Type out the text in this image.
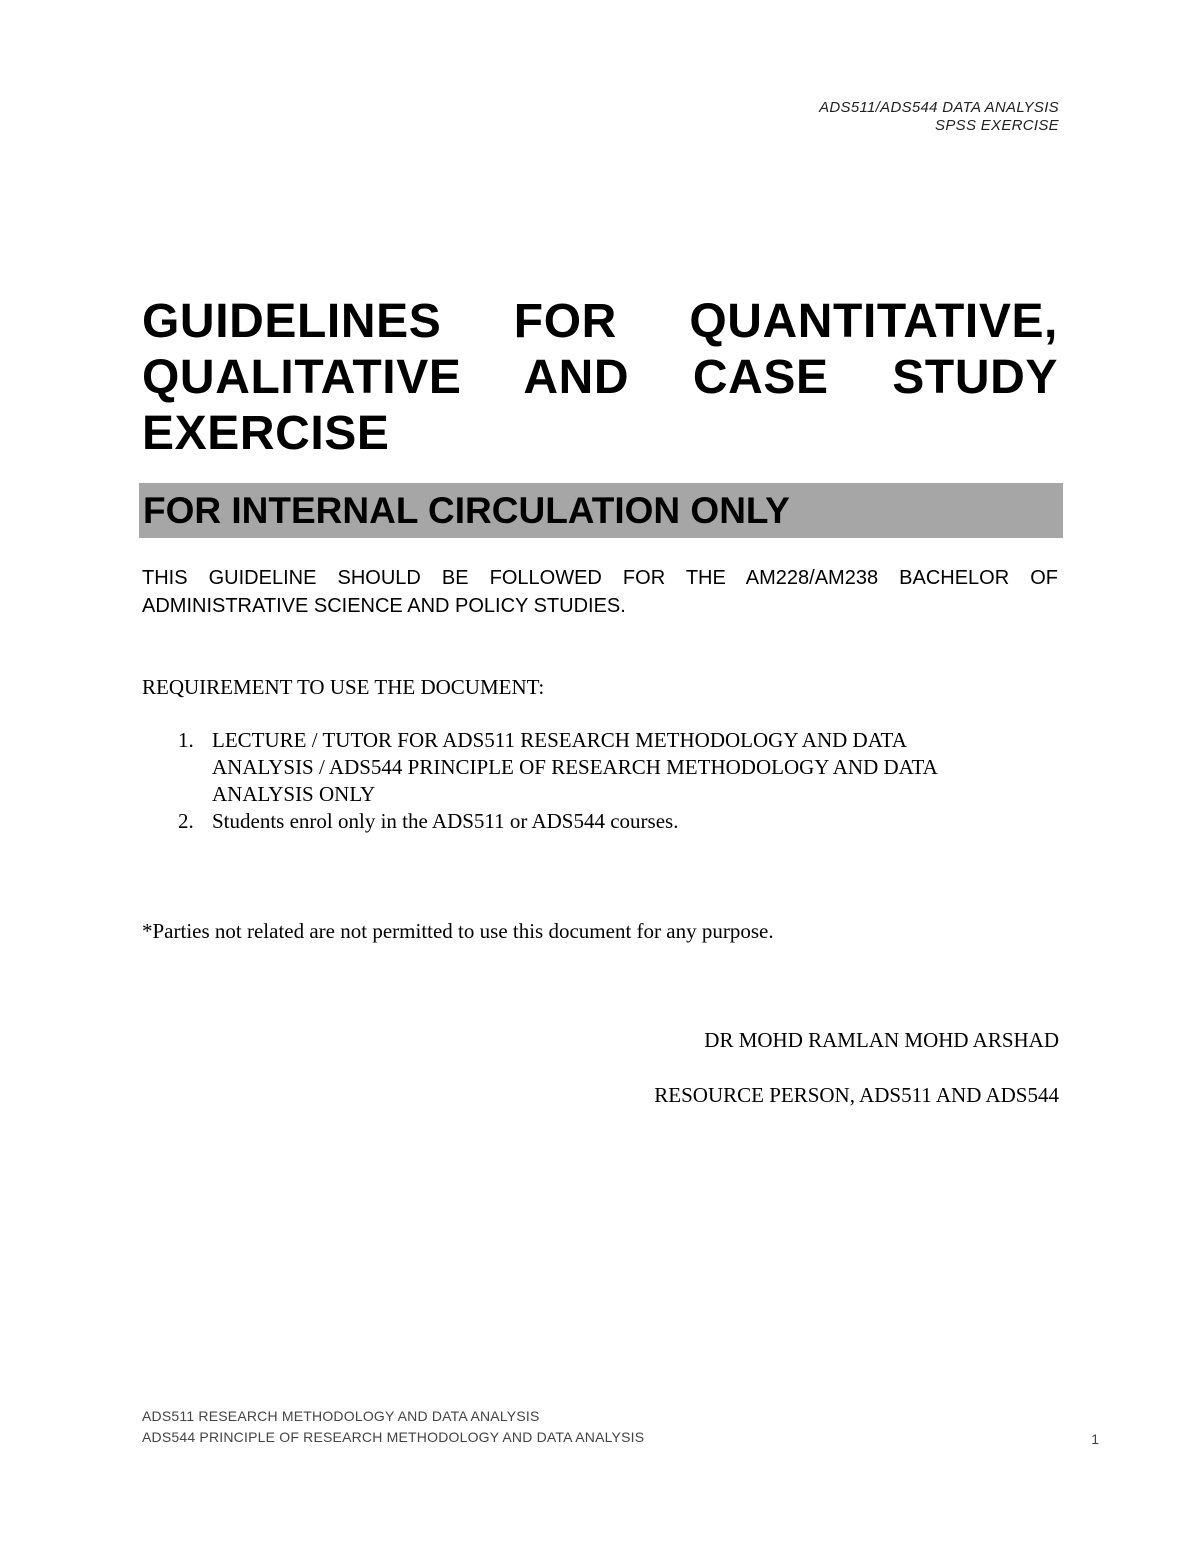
ADS511/ADS544 DATA ANALYSIS
SPSS EXERCISE
GUIDELINES FOR QUANTITATIVE,
QUALITATIVE AND CASE STUDY
EXERCISE
FOR INTERNAL CIRCULATION ONLY
THIS GUIDELINE SHOULD BE FOLLOWED FOR THE AM228/AM238 BACHELOR OF
ADMINISTRATIVE SCIENCE AND POLICY STUDIES.
REQUIREMENT TO USE THE DOCUMENT:
1. LECTURE / TUTOR FOR ADS511 RESEARCH METHODOLOGY AND DATA
ANALYSIS / ADS544 PRINCIPLE OF RESEARCH METHODOLOGY AND DATA
ANALYSIS ONLY
2. Students enrol only in the ADS511 or ADS544 courses.
*Parties not related are not permitted to use this document for any purpose.
DR MOHD RAMLAN MOHD ARSHAD
RESOURCE PERSON, ADS511 AND ADS544
ADS511 RESEARCH METHODOLOGY AND DATA ANALYSIS
ADS544 PRINCIPLE OF RESEARCH METHODOLOGY AND DATA ANALYSIS	1
